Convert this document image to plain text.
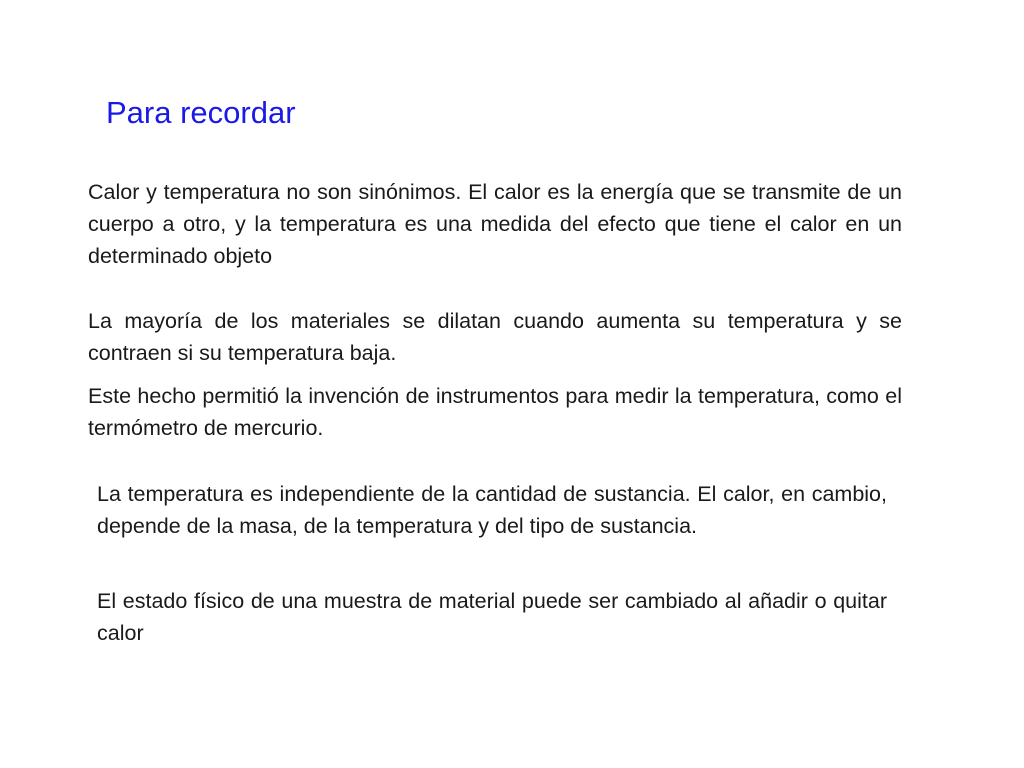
Para recordar

Calor y temperatura no son sinónimos. El calor es la energía que se transmite de un cuerpo a otro, y la temperatura es una medida del efecto que tiene el calor en un determinado objeto

La mayoría de los materiales se dilatan cuando aumenta su temperatura y se contraen si su temperatura baja.

Este hecho permitió la invención de instrumentos para medir la temperatura, como el termómetro de mercurio.

La temperatura es independiente de la cantidad de sustancia. El calor, en cambio, depende de la masa, de la temperatura y del tipo de sustancia.

El estado físico de una muestra de material puede ser cambiado al añadir o quitar calor
